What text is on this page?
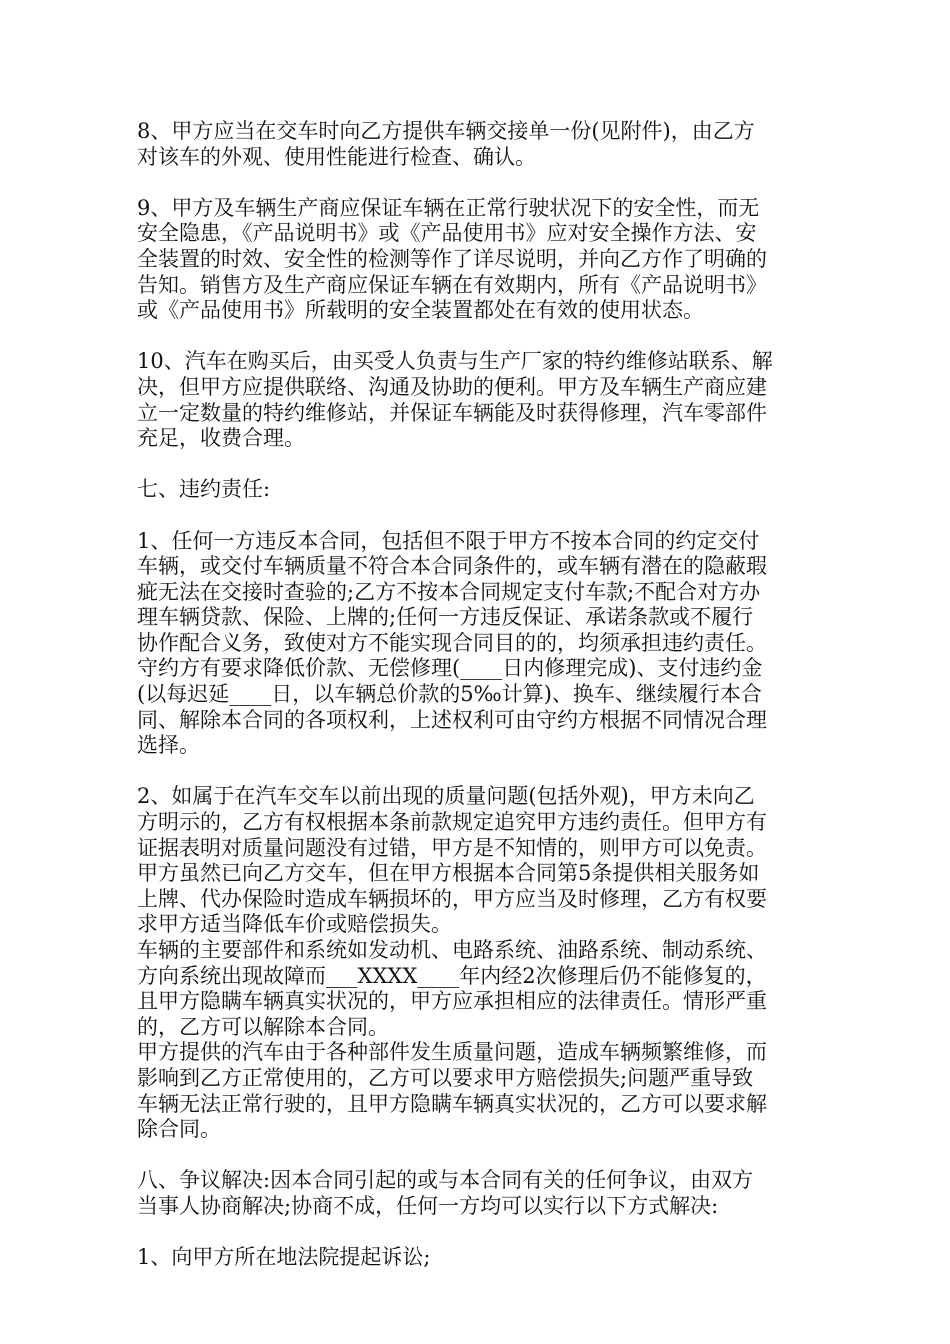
8、甲方应当在交车时向乙方提供车辆交接单一份(见附件)，由乙方
对该车的外观、使用性能进行检查、确认。

9、甲方及车辆生产商应保证车辆在正常行驶状况下的安全性，而无
安全隐患，《产品说明书》或《产品使用书》应对安全操作方法、安
全装置的时效、安全性的检测等作了详尽说明，并向乙方作了明确的
告知。销售方及生产商应保证车辆在有效期内，所有《产品说明书》
或《产品使用书》所载明的安全装置都处在有效的使用状态。

10、汽车在购买后，由买受人负责与生产厂家的特约维修站联系、解
决，但甲方应提供联络、沟通及协助的便利。甲方及车辆生产商应建
立一定数量的特约维修站，并保证车辆能及时获得修理，汽车零部件
充足，收费合理。

七、违约责任:

1、任何一方违反本合同，包括但不限于甲方不按本合同的约定交付
车辆，或交付车辆质量不符合本合同条件的，或车辆有潜在的隐蔽瑕
疵无法在交接时查验的;乙方不按本合同规定支付车款;不配合对方办
理车辆贷款、保险、上牌的;任何一方违反保证、承诺条款或不履行
协作配合义务，致使对方不能实现合同目的的，均须承担违约责任。

守约方有要求降低价款、无偿修理(____日内修理完成)、支付违约金
(以每迟延____日，以车辆总价款的5‰计算)、换车、继续履行本合
同、解除本合同的各项权利，上述权利可由守约方根据不同情况合理
选择。

2、如属于在汽车交车以前出现的质量问题(包括外观)，甲方未向乙
方明示的，乙方有权根据本条前款规定追究甲方违约责任。但甲方有
证据表明对质量问题没有过错，甲方是不知情的，则甲方可以免责。

甲方虽然已向乙方交车，但在甲方根据本合同第5条提供相关服务如
上牌、代办保险时造成车辆损坏的，甲方应当及时修理，乙方有权要
求甲方适当降低车价或赔偿损失。

车辆的主要部件和系统如发动机、电路系统、油路系统、制动系统、
方向系统出现故障而___XXXX____年内经2次修理后仍不能修复的，
且甲方隐瞒车辆真实状况的，甲方应承担相应的法律责任。情形严重
的，乙方可以解除本合同。

甲方提供的汽车由于各种部件发生质量问题，造成车辆频繁维修，而
影响到乙方正常使用的，乙方可以要求甲方赔偿损失;问题严重导致
车辆无法正常行驶的，且甲方隐瞒车辆真实状况的，乙方可以要求解
除合同。

八、争议解决:因本合同引起的或与本合同有关的任何争议，由双方
当事人协商解决;协商不成，任何一方均可以实行以下方式解决:

1、向甲方所在地法院提起诉讼;
